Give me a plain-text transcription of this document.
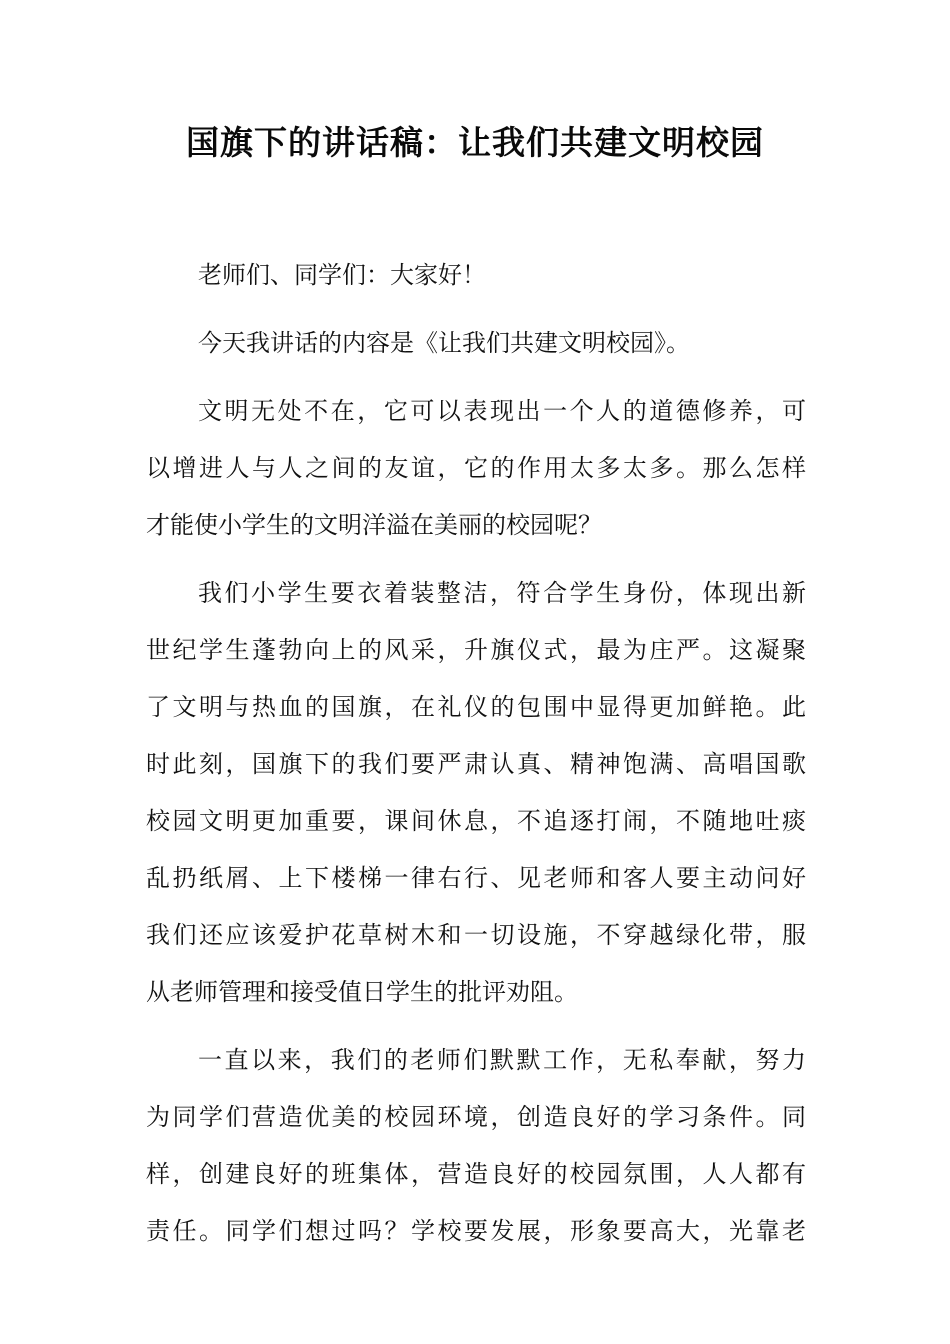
国旗下的讲话稿：让我们共建文明校园

老师们、同学们：大家好！

今天我讲话的内容是《让我们共建文明校园》。

文明无处不在，它可以表现出一个人的道德修养，可
以增进人与人之间的友谊，它的作用太多太多。那么怎样
才能使小学生的文明洋溢在美丽的校园呢？

我们小学生要衣着装整洁，符合学生身份，体现出新
世纪学生蓬勃向上的风采，升旗仪式，最为庄严。这凝聚
了文明与热血的国旗，在礼仪的包围中显得更加鲜艳。此
时此刻，国旗下的我们要严肃认真、精神饱满、高唱国歌
校园文明更加重要，课间休息，不追逐打闹，不随地吐痰
乱扔纸屑、上下楼梯一律右行、见老师和客人要主动问好
我们还应该爱护花草树木和一切设施，不穿越绿化带，服
从老师管理和接受值日学生的批评劝阻。

一直以来，我们的老师们默默工作，无私奉献，努力
为同学们营造优美的校园环境，创造良好的学习条件。同
样，创建良好的班集体，营造良好的校园氛围，人人都有
责任。同学们想过吗？学校要发展，形象要高大，光靠老
